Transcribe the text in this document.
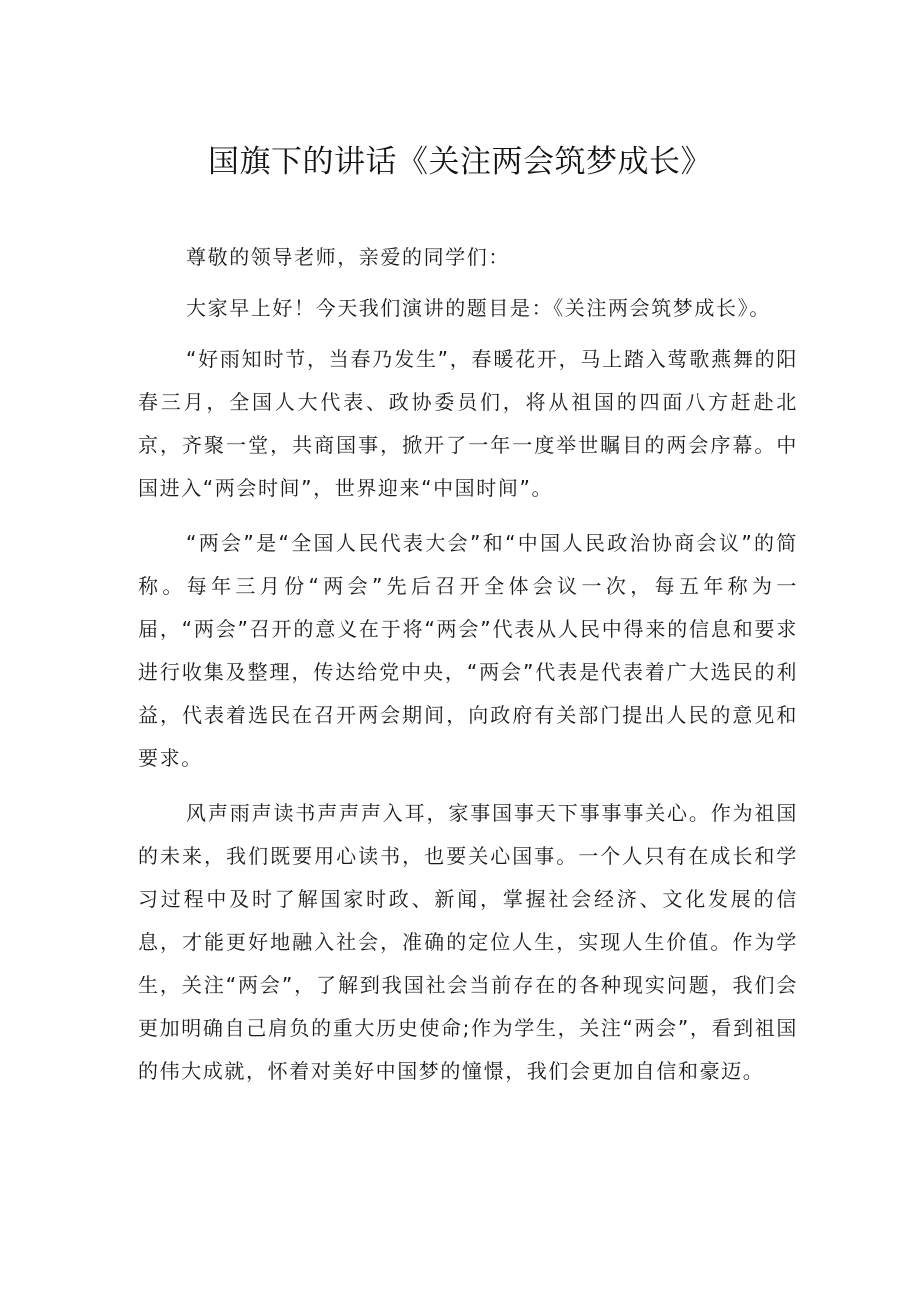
国旗下的讲话《关注两会筑梦成长》

尊敬的领导老师，亲爱的同学们：

大家早上好！今天我们演讲的题目是：《关注两会筑梦成长》。

“好雨知时节，当春乃发生”，春暖花开，马上踏入莺歌燕舞的阳春三月，全国人大代表、政协委员们，将从祖国的四面八方赶赴北京，齐聚一堂，共商国事，掀开了一年一度举世瞩目的两会序幕。中国进入“两会时间”，世界迎来“中国时间”。

“两会”是“全国人民代表大会”和“中国人民政治协商会议”的简称。每年三月份“两会”先后召开全体会议一次，每五年称为一届，“两会”召开的意义在于将“两会”代表从人民中得来的信息和要求进行收集及整理，传达给党中央，“两会”代表是代表着广大选民的利益，代表着选民在召开两会期间，向政府有关部门提出人民的意见和要求。

风声雨声读书声声声入耳，家事国事天下事事事关心。作为祖国的未来，我们既要用心读书，也要关心国事。一个人只有在成长和学习过程中及时了解国家时政、新闻，掌握社会经济、文化发展的信息，才能更好地融入社会，准确的定位人生，实现人生价值。作为学生，关注“两会”，了解到我国社会当前存在的各种现实问题，我们会更加明确自己肩负的重大历史使命;作为学生，关注“两会”，看到祖国的伟大成就，怀着对美好中国梦的憧憬，我们会更加自信和豪迈。
